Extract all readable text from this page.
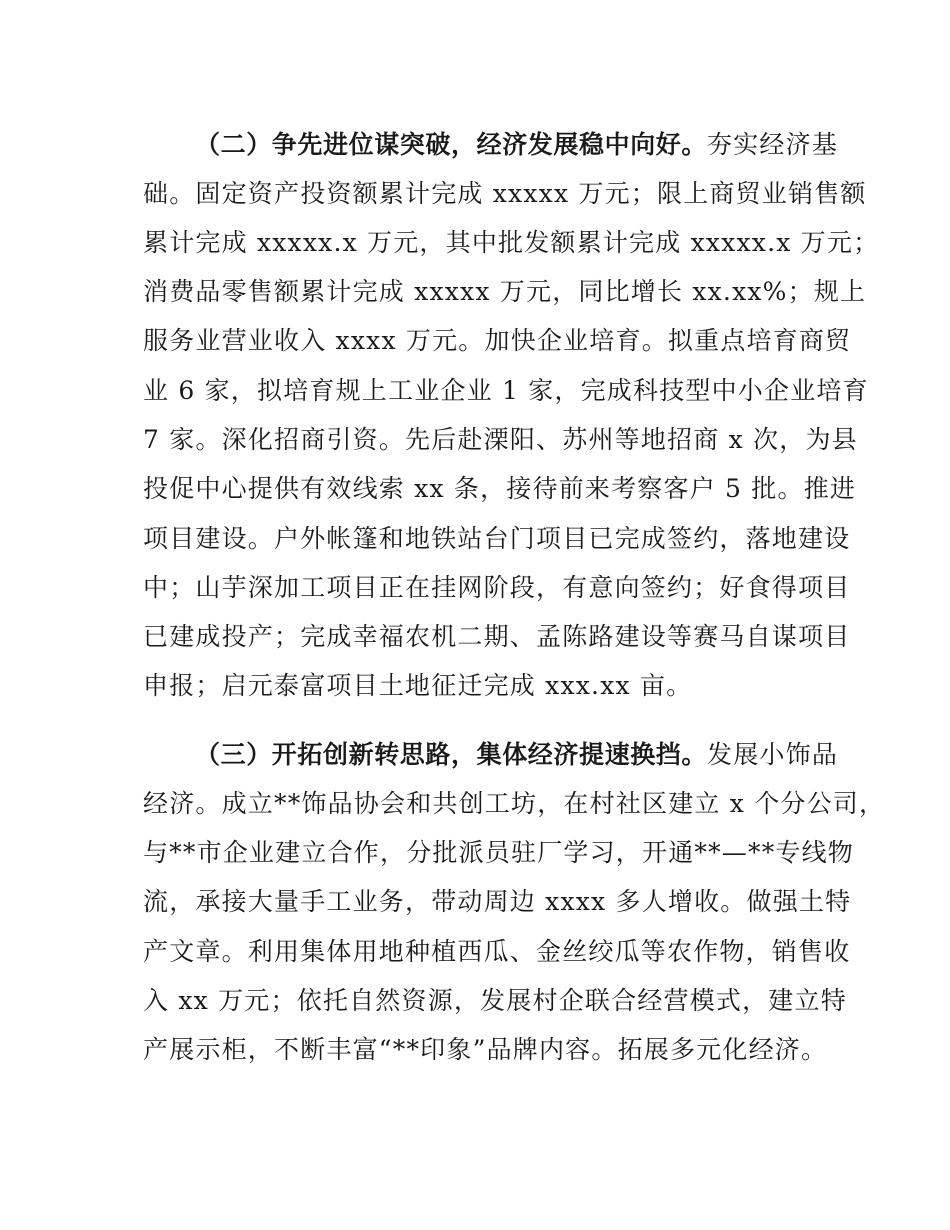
（二）争先进位谋突破，经济发展稳中向好。夯实经济基
础。固定资产投资额累计完成 xxxxx 万元；限上商贸业销售额
累计完成 xxxxx.x 万元，其中批发额累计完成 xxxxx.x 万元；
消费品零售额累计完成 xxxxx 万元，同比增长 xx.xx%；规上
服务业营业收入 xxxx 万元。加快企业培育。拟重点培育商贸
业 6 家，拟培育规上工业企业 1 家，完成科技型中小企业培育
7 家。深化招商引资。先后赴溧阳、苏州等地招商 x 次，为县
投促中心提供有效线索 xx 条，接待前来考察客户 5 批。推进
项目建设。户外帐篷和地铁站台门项目已完成签约，落地建设
中；山芋深加工项目正在挂网阶段，有意向签约；好食得项目
已建成投产；完成幸福农机二期、孟陈路建设等赛马自谋项目
申报；启元泰富项目土地征迁完成 xxx.xx 亩。
（三）开拓创新转思路，集体经济提速换挡。发展小饰品
经济。成立**饰品协会和共创工坊，在村社区建立 x 个分公司，
与**市企业建立合作，分批派员驻厂学习，开通**—**专线物
流，承接大量手工业务，带动周边 xxxx 多人增收。做强土特
产文章。利用集体用地种植西瓜、金丝绞瓜等农作物，销售收
入 xx 万元；依托自然资源，发展村企联合经营模式，建立特
产展示柜，不断丰富“**印象”品牌内容。拓展多元化经济。
